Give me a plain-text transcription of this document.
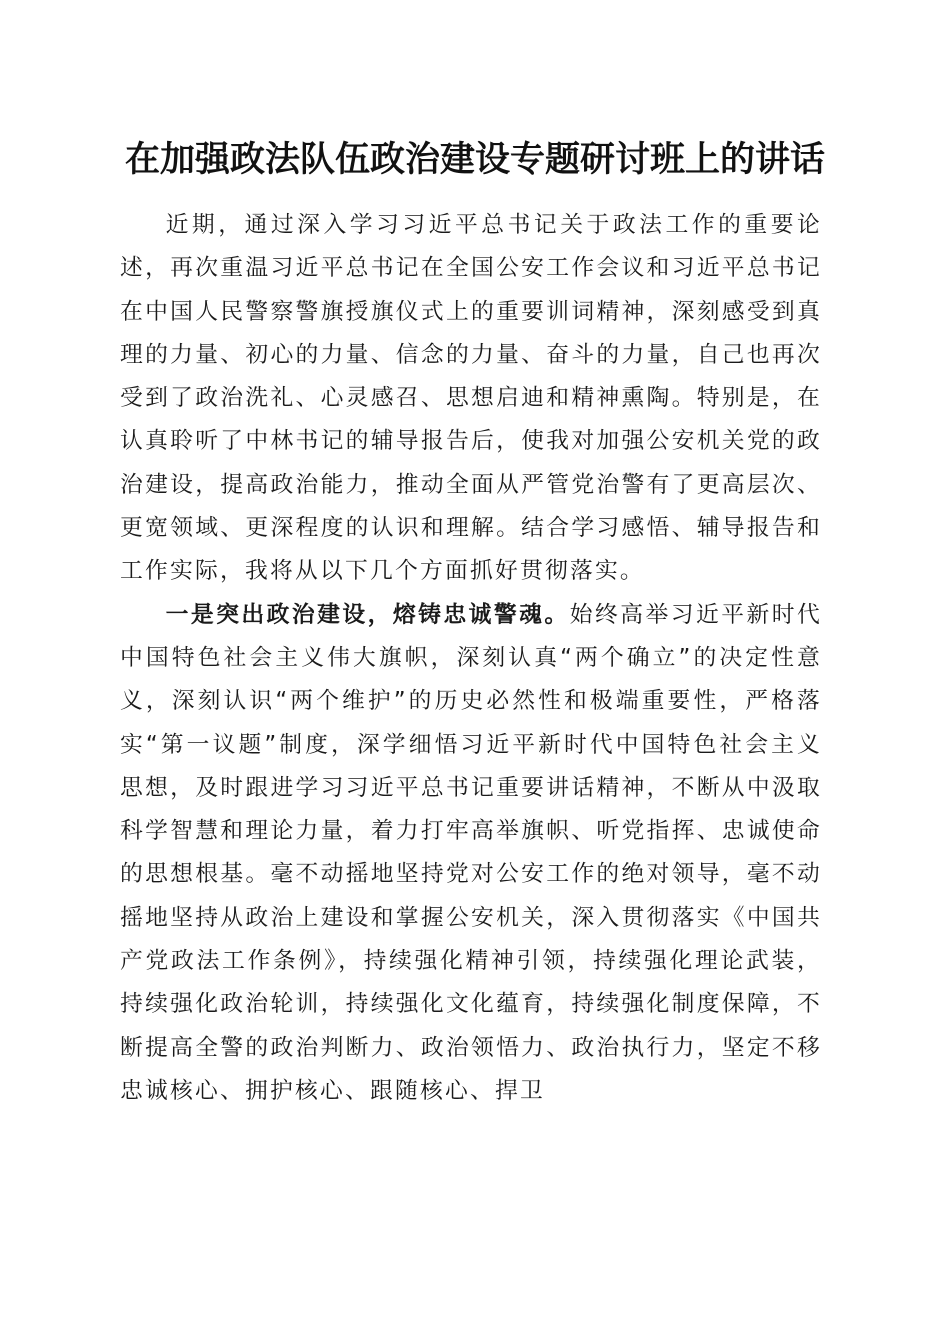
在加强政法队伍政治建设专题研讨班上的讲话

近期，通过深入学习习近平总书记关于政法工作的重要论述，再次重温习近平总书记在全国公安工作会议和习近平总书记在中国人民警察警旗授旗仪式上的重要训词精神，深刻感受到真理的力量、初心的力量、信念的力量、奋斗的力量，自己也再次受到了政治洗礼、心灵感召、思想启迪和精神熏陶。特别是，在认真聆听了中林书记的辅导报告后，使我对加强公安机关党的政治建设，提高政治能力，推动全面从严管党治警有了更高层次、更宽领域、更深程度的认识和理解。结合学习感悟、辅导报告和工作实际，我将从以下几个方面抓好贯彻落实。

一是突出政治建设，熔铸忠诚警魂。始终高举习近平新时代中国特色社会主义伟大旗帜，深刻认真“两个确立”的决定性意义，深刻认识“两个维护”的历史必然性和极端重要性，严格落实“第一议题”制度，深学细悟习近平新时代中国特色社会主义思想，及时跟进学习习近平总书记重要讲话精神，不断从中汲取科学智慧和理论力量，着力打牢高举旗帜、听党指挥、忠诚使命的思想根基。毫不动摇地坚持党对公安工作的绝对领导，毫不动摇地坚持从政治上建设和掌握公安机关，深入贯彻落实《中国共产党政法工作条例》，持续强化精神引领，持续强化理论武装，持续强化政治轮训，持续强化文化蕴育，持续强化制度保障，不断提高全警的政治判断力、政治领悟力、政治执行力，坚定不移忠诚核心、拥护核心、跟随核心、捍卫
